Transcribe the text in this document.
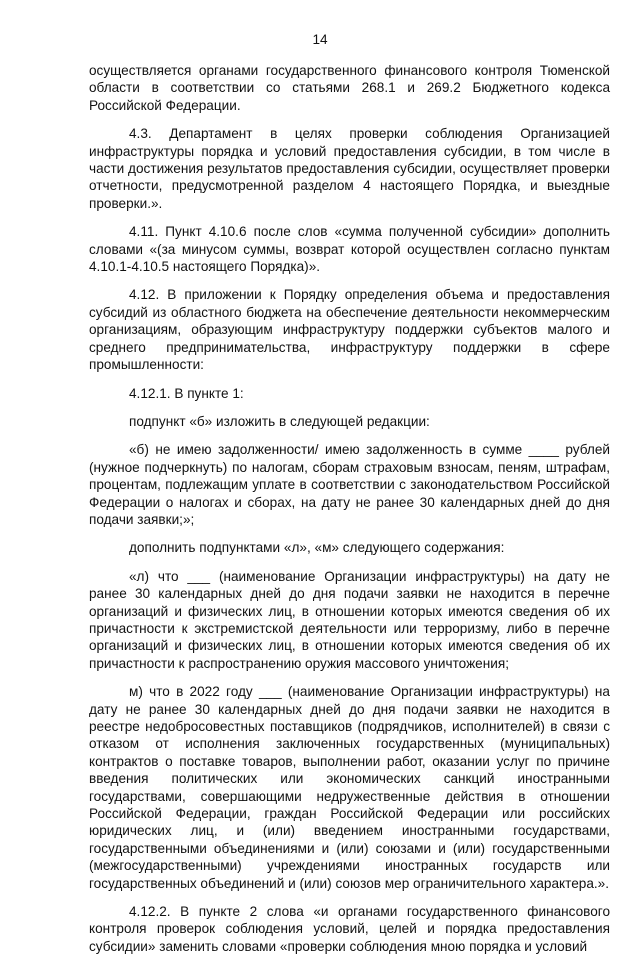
14

осуществляется органами государственного финансового контроля Тюменской области в соответствии со статьями 268.1 и 269.2 Бюджетного кодекса Российской Федерации.

4.3. Департамент в целях проверки соблюдения Организацией инфраструктуры порядка и условий предоставления субсидии, в том числе в части достижения результатов предоставления субсидии, осуществляет проверки отчетности, предусмотренной разделом 4 настоящего Порядка, и выездные проверки.».

4.11. Пункт 4.10.6 после слов «сумма полученной субсидии» дополнить словами «(за минусом суммы, возврат которой осуществлен согласно пунктам 4.10.1-4.10.5 настоящего Порядка)».

4.12. В приложении к Порядку определения объема и предоставления субсидий из областного бюджета на обеспечение деятельности некоммерческим организациям, образующим инфраструктуру поддержки субъектов малого и среднего предпринимательства, инфраструктуру поддержки в сфере промышленности:

4.12.1. В пункте 1:

подпункт «б» изложить в следующей редакции:

«б) не имею задолженности/ имею задолженность в сумме ____ рублей (нужное подчеркнуть) по налогам, сборам страховым взносам, пеням, штрафам, процентам, подлежащим уплате в соответствии с законодательством Российской Федерации о налогах и сборах, на дату не ранее 30 календарных дней до дня подачи заявки;»;

дополнить подпунктами «л», «м» следующего содержания:

«л) что ___ (наименование Организации инфраструктуры) на дату не ранее 30 календарных дней до дня подачи заявки не находится в перечне организаций и физических лиц, в отношении которых имеются сведения об их причастности к экстремистской деятельности или терроризму, либо в перечне организаций и физических лиц, в отношении которых имеются сведения об их причастности к распространению оружия массового уничтожения;

м) что в 2022 году ___ (наименование Организации инфраструктуры) на дату не ранее 30 календарных дней до дня подачи заявки не находится в реестре недобросовестных поставщиков (подрядчиков, исполнителей) в связи с отказом от исполнения заключенных государственных (муниципальных) контрактов о поставке товаров, выполнении работ, оказании услуг по причине введения политических или экономических санкций иностранными государствами, совершающими недружественные действия в отношении Российской Федерации, граждан Российской Федерации или российских юридических лиц, и (или) введением иностранными государствами, государственными объединениями и (или) союзами и (или) государственными (межгосударственными) учреждениями иностранных государств или государственных объединений и (или) союзов мер ограничительного характера.».

4.12.2. В пункте 2 слова «и органами государственного финансового контроля проверок соблюдения условий, целей и порядка предоставления субсидии» заменить словами «проверки соблюдения мною порядка и условий
